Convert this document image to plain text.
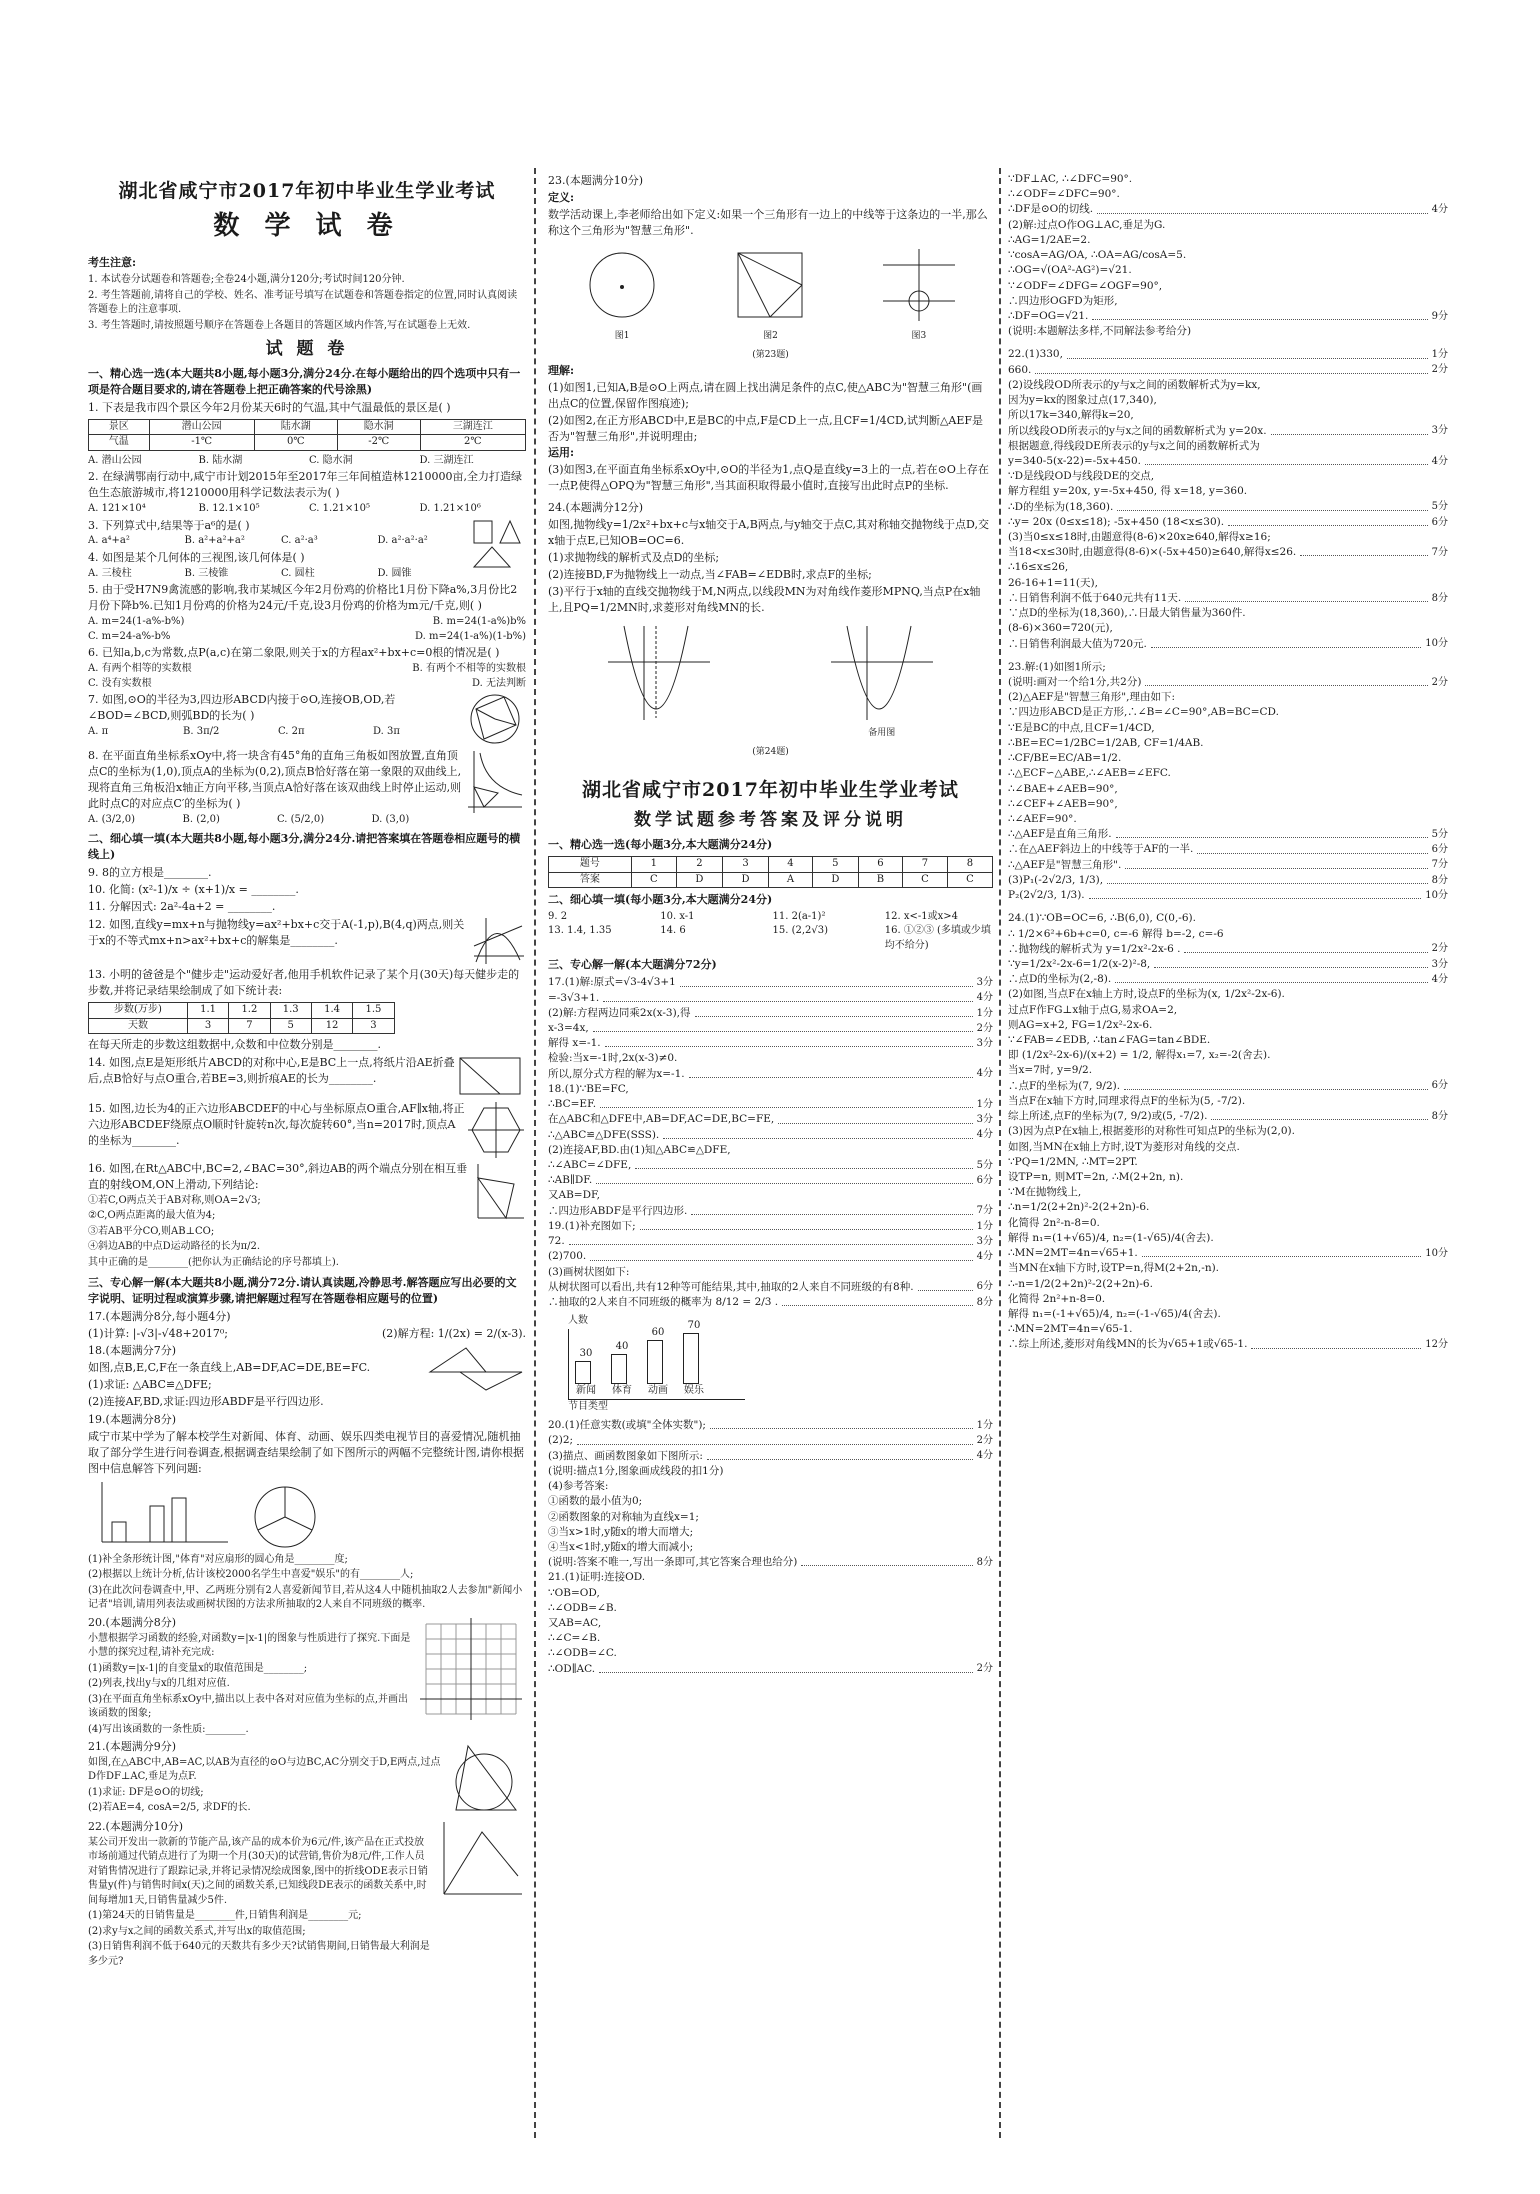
湖北省咸宁市2017年初中毕业生学业考试
数 学 试 卷
考生注意:
1. 本试卷分试题卷和答题卷;全卷24小题,满分120分;考试时间120分钟.
2. 考生答题前,请将自己的学校、姓名、准考证号填写在试题卷和答题卷指定的位置,同时认真阅读答题卷上的注意事项.
3. 考生答题时,请按照题号顺序在答题卷上各题目的答题区域内作答,写在试题卷上无效.
试 题 卷
一、精心选一选(本大题共8小题,每小题3分,满分24分.在每小题给出的四个选项中只有一项是符合题目要求的,请在答题卷上把正确答案的代号涂黑)
1. 下表是我市四个景区今年2月份某天6时的气温,其中气温最低的景区是( )
景区	潜山公园	陆水湖	隐水洞	三湖连江
气温	-1℃	0℃	-2℃	2℃
A. 潜山公园	B. 陆水湖	C. 隐水洞	D. 三湖连江
2. 在绿满鄂南行动中,咸宁市计划2015年至2017年三年间植造林1210000亩,全力打造绿色生态旅游城市,将1210000用科学记数法表示为( )
A. 121×10⁴	B. 12.1×10⁵	C. 1.21×10⁵	D. 1.21×10⁶
3. 下列算式中,结果等于a⁶的是( )
A. a⁴+a²	B. a²+a²+a²	C. a²·a³	D. a²·a²·a²
4. 如图是某个几何体的三视图,该几何体是( )
A. 三棱柱	B. 三棱锥	C. 圆柱	D. 圆锥
5. 由于受H7N9禽流感的影响,我市某城区今年2月份鸡的价格比1月份下降a%,3月份比2月份下降b%.已知1月份鸡的价格为24元/千克,设3月份鸡的价格为m元/千克,则( )
A. m=24(1-a%-b%)	B. m=24(1-a%)b%
C. m=24-a%-b%	D. m=24(1-a%)(1-b%)
6. 已知a,b,c为常数,点P(a,c)在第二象限,则关于x的方程ax²+bx+c=0根的情况是( )
A. 有两个相等的实数根	B. 有两个不相等的实数根
C. 没有实数根	D. 无法判断
7. 如图,⊙O的半径为3,四边形ABCD内接于⊙O,连接OB,OD,若∠BOD=∠BCD,则弧BD的长为( )
A. π	B. 3π/2	C. 2π	D. 3π
8. 在平面直角坐标系xOy中,将一块含有45°角的直角三角板如图放置,直角顶点C的坐标为(1,0),顶点A的坐标为(0,2),顶点B恰好落在第一象限的双曲线上,现将直角三角板沿x轴正方向平移,当顶点A恰好落在该双曲线上时停止运动,则此时点C的对应点C′的坐标为( )
A. (3/2,0)	B. (2,0)	C. (5/2,0)	D. (3,0)
二、细心填一填(本大题共8小题,每小题3分,满分24分.请把答案填在答题卷相应题号的横线上)
9. 8的立方根是________.
10. 化简: (x²-1)/x ÷ (x+1)/x = ________.
11. 分解因式: 2a²-4a+2 = ________.
12. 如图,直线y=mx+n与抛物线y=ax²+bx+c交于A(-1,p),B(4,q)两点,则关于x的不等式mx+n>ax²+bx+c的解集是________.
13. 小明的爸爸是个"健步走"运动爱好者,他用手机软件记录了某个月(30天)每天健步走的步数,并将记录结果绘制成了如下统计表:
步数(万步)	1.1	1.2	1.3	1.4	1.5
天数	3	7	5	12	3
在每天所走的步数这组数据中,众数和中位数分别是________.
14. 如图,点E是矩形纸片ABCD的对称中心,E是BC上一点,将纸片沿AE折叠后,点B恰好与点O重合,若BE=3,则折痕AE的长为________.
15. 如图,边长为4的正六边形ABCDEF的中心与坐标原点O重合,AF∥x轴,将正六边形ABCDEF绕原点O顺时针旋转n次,每次旋转60°,当n=2017时,顶点A的坐标为________.
16. 如图,在Rt△ABC中,BC=2,∠BAC=30°,斜边AB的两个端点分别在相互垂直的射线OM,ON上滑动,下列结论:
①若C,O两点关于AB对称,则OA=2√3;
②C,O两点距离的最大值为4;
③若AB平分CO,则AB⊥CO;
④斜边AB的中点D运动路径的长为π/2.
其中正确的是________(把你认为正确结论的序号都填上).
三、专心解一解(本大题共8小题,满分72分.请认真读题,冷静思考.解答题应写出必要的文字说明、证明过程或演算步骤,请把解题过程写在答题卷相应题号的位置)
17.(本题满分8分,每小题4分)
(1)计算: |-√3|-√48+2017⁰;	(2)解方程: 1/(2x) = 2/(x-3).
18.(本题满分7分)
如图,点B,E,C,F在一条直线上,AB=DF,AC=DE,BE=FC.
(1)求证: △ABC≌△DFE;
(2)连接AF,BD,求证:四边形ABDF是平行四边形.
19.(本题满分8分)
咸宁市某中学为了解本校学生对新闻、体育、动画、娱乐四类电视节目的喜爱情况,随机抽取了部分学生进行问卷调查,根据调查结果绘制了如下图所示的两幅不完整统计图,请你根据图中信息解答下列问题:
(1)补全条形统计图,"体育"对应扇形的圆心角是________度;
(2)根据以上统计分析,估计该校2000名学生中喜爱"娱乐"的有________人;
(3)在此次问卷调查中,甲、乙两班分别有2人喜爱新闻节目,若从这4人中随机抽取2人去参加"新闻小记者"培训,请用列表法或画树状图的方法求所抽取的2人来自不同班级的概率.
20.(本题满分8分)
小慧根据学习函数的经验,对函数y=|x-1|的图象与性质进行了探究.下面是小慧的探究过程,请补充完成:
(1)函数y=|x-1|的自变量x的取值范围是________;
(2)列表,找出y与x的几组对应值.
(3)在平面直角坐标系xOy中,描出以上表中各对对应值为坐标的点,并画出该函数的图象;
(4)写出该函数的一条性质:________.
21.(本题满分9分)
如图,在△ABC中,AB=AC,以AB为直径的⊙O与边BC,AC分别交于D,E两点,过点D作DF⊥AC,垂足为点F.
(1)求证: DF是⊙O的切线;
(2)若AE=4, cosA=2/5, 求DF的长.
22.(本题满分10分)
某公司开发出一款新的节能产品,该产品的成本价为6元/件,该产品在正式投放市场前通过代销点进行了为期一个月(30天)的试营销,售价为8元/件,工作人员对销售情况进行了跟踪记录,并将记录情况绘成图象,图中的折线ODE表示日销售量y(件)与销售时间x(天)之间的函数关系,已知线段DE表示的函数关系中,时间每增加1天,日销售量减少5件.
(1)第24天的日销售量是________件,日销售利润是________元;
(2)求y与x之间的函数关系式,并写出x的取值范围;
(3)日销售利润不低于640元的天数共有多少天?试销售期间,日销售最大利润是多少元?
23.(本题满分10分)
定义:
数学活动课上,李老师给出如下定义:如果一个三角形有一边上的中线等于这条边的一半,那么称这个三角形为"智慧三角形".
图1	图2	图3
(第23题)
理解:
(1)如图1,已知A,B是⊙O上两点,请在圆上找出满足条件的点C,使△ABC为"智慧三角形"(画出点C的位置,保留作图痕迹);
(2)如图2,在正方形ABCD中,E是BC的中点,F是CD上一点,且CF=1/4CD,试判断△AEF是否为"智慧三角形",并说明理由;
运用:
(3)如图3,在平面直角坐标系xOy中,⊙O的半径为1,点Q是直线y=3上的一点,若在⊙O上存在一点P,使得△OPQ为"智慧三角形",当其面积取得最小值时,直接写出此时点P的坐标.
24.(本题满分12分)
如图,抛物线y=1/2x²+bx+c与x轴交于A,B两点,与y轴交于点C,其对称轴交抛物线于点D,交x轴于点E,已知OB=OC=6.
(1)求抛物线的解析式及点D的坐标;
(2)连接BD,F为抛物线上一动点,当∠FAB=∠EDB时,求点F的坐标;
(3)平行于x轴的直线交抛物线于M,N两点,以线段MN为对角线作菱形MPNQ,当点P在x轴上,且PQ=1/2MN时,求菱形对角线MN的长.
备用图
(第24题)
湖北省咸宁市2017年初中毕业生学业考试
数学试题参考答案及评分说明
一、精心选一选(每小题3分,本大题满分24分)
题号	1	2	3	4	5	6	7	8
答案	C	D	D	A	D	B	C	C
二、细心填一填(每小题3分,本大题满分24分)
9. 2	10. x-1	11. 2(a-1)²	12. x<-1或x>4
13. 1.4, 1.35	14. 6	15. (2,2√3)	16. ①②③ (多填或少填均不给分)
三、专心解一解(本大题满分72分)
17.(1)解:原式=√3-4√3+1	3分
=-3√3+1.	4分
(2)解:方程两边同乘2x(x-3),得	1分
x-3=4x,	2分
解得 x=-1.	3分
检验:当x=-1时,2x(x-3)≠0.
所以,原分式方程的解为x=-1.	4分
18.(1)∵BE=FC,
∴BC=EF.	1分
在△ABC和△DFE中,AB=DF,AC=DE,BC=FE,	3分
∴△ABC≌△DFE(SSS).	4分
(2)连接AF,BD.由(1)知△ABC≌△DFE,
∴∠ABC=∠DFE,	5分
∴AB∥DF.	6分
又AB=DF,
∴四边形ABDF是平行四边形.	7分
19.(1)补充图如下;	1分
72.	3分
(2)700.	4分
(3)画树状图如下:
从树状图可以看出,共有12种等可能结果,其中,抽取的2人来自不同班级的有8种.	6分
∴抽取的2人来自不同班级的概率为 8/12 = 2/3 .	8分
人数
30
新闻
40
体育
60
动画
70
娱乐
节目类型
20.(1)任意实数(或填"全体实数");	1分
(2)2;	2分
(3)描点、画函数图象如下图所示:	4分
(说明:描点1分,图象画成线段的扣1分)
(4)参考答案:
①函数的最小值为0;
②函数图象的对称轴为直线x=1;
③当x>1时,y随x的增大而增大;
④当x<1时,y随x的增大而减小;
(说明:答案不唯一,写出一条即可,其它答案合理也给分)	8分
21.(1)证明:连接OD.
∵OB=OD,
∴∠ODB=∠B.
又AB=AC,
∴∠C=∠B.
∴∠ODB=∠C.
∴OD∥AC.	2分
∵DF⊥AC, ∴∠DFC=90°.
∴∠ODF=∠DFC=90°.
∴DF是⊙O的切线.	4分
(2)解:过点O作OG⊥AC,垂足为G.
∴AG=1/2AE=2.
∵cosA=AG/OA, ∴OA=AG/cosA=5.
∴OG=√(OA²-AG²)=√21.
∵∠ODF=∠DFG=∠OGF=90°,
∴四边形OGFD为矩形,
∴DF=OG=√21.	9分
(说明:本题解法多样,不同解法参考给分)
22.(1)330,	1分
660.	2分
(2)设线段OD所表示的y与x之间的函数解析式为y=kx,
因为y=kx的图象过点(17,340),
所以17k=340,解得k=20,
所以线段OD所表示的y与x之间的函数解析式为 y=20x.	3分
根据题意,得线段DE所表示的y与x之间的函数解析式为
y=340-5(x-22)=-5x+450.	4分
∵D是线段OD与线段DE的交点,
解方程组 y=20x, y=-5x+450, 得 x=18, y=360.
∴D的坐标为(18,360).	5分
∴y= 20x (0≤x≤18); -5x+450 (18<x≤30).	6分
(3)当0≤x≤18时,由题意得(8-6)×20x≥640,解得x≥16;
当18<x≤30时,由题意得(8-6)×(-5x+450)≥640,解得x≤26.	7分
∴16≤x≤26,
26-16+1=11(天),
∴日销售利润不低于640元共有11天.	8分
∵点D的坐标为(18,360),∴日最大销售量为360件.
(8-6)×360=720(元),
∴日销售利润最大值为720元.	10分
23.解:(1)如图1所示;
(说明:画对一个给1分,共2分)	2分
(2)△AEF是"智慧三角形",理由如下:
∵四边形ABCD是正方形,∴∠B=∠C=90°,AB=BC=CD.
∵E是BC的中点,且CF=1/4CD,
∴BE=EC=1/2BC=1/2AB, CF=1/4AB.
∴CF/BE=EC/AB=1/2.
∴△ECF∽△ABE,∴∠AEB=∠EFC.
∴∠BAE+∠AEB=90°,
∴∠CEF+∠AEB=90°,
∴∠AEF=90°.
∴△AEF是直角三角形.	5分
∴在△AEF斜边上的中线等于AF的一半.	6分
∴△AEF是"智慧三角形".	7分
(3)P₁(-2√2/3, 1/3),	8分
P₂(2√2/3, 1/3).	10分
24.(1)∵OB=OC=6, ∴B(6,0), C(0,-6).
∴ 1/2×6²+6b+c=0, c=-6 解得 b=-2, c=-6
∴抛物线的解析式为 y=1/2x²-2x-6 .	2分
∵y=1/2x²-2x-6=1/2(x-2)²-8,	3分
∴点D的坐标为(2,-8).	4分
(2)如图,当点F在x轴上方时,设点F的坐标为(x, 1/2x²-2x-6).
过点F作FG⊥x轴于点G,易求OA=2,
则AG=x+2, FG=1/2x²-2x-6.
∵∠FAB=∠EDB, ∴tan∠FAG=tan∠BDE.
即 (1/2x²-2x-6)/(x+2) = 1/2, 解得x₁=7, x₂=-2(舍去).
当x=7时, y=9/2.
∴点F的坐标为(7, 9/2).	6分
当点F在x轴下方时,同理求得点F的坐标为(5, -7/2).
综上所述,点F的坐标为(7, 9/2)或(5, -7/2).	8分
(3)因为点P在x轴上,根据菱形的对称性可知点P的坐标为(2,0).
如图,当MN在x轴上方时,设T为菱形对角线的交点.
∵PQ=1/2MN, ∴MT=2PT.
设TP=n, 则MT=2n, ∴M(2+2n, n).
∵M在抛物线上,
∴n=1/2(2+2n)²-2(2+2n)-6.
化简得 2n²-n-8=0.
解得 n₁=(1+√65)/4, n₂=(1-√65)/4(舍去).
∴MN=2MT=4n=√65+1.	10分
当MN在x轴下方时,设TP=n,得M(2+2n,-n).
∴-n=1/2(2+2n)²-2(2+2n)-6.
化简得 2n²+n-8=0.
解得 n₁=(-1+√65)/4, n₂=(-1-√65)/4(舍去).
∴MN=2MT=4n=√65-1.
∴综上所述,菱形对角线MN的长为√65+1或√65-1.	12分
